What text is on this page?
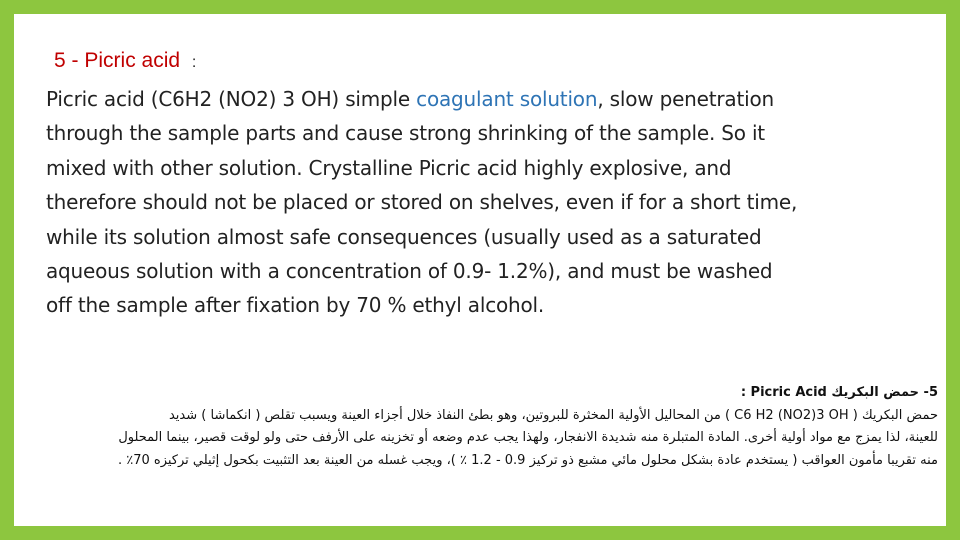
5 - Picric acid :
Picric acid (C6H2 (NO2) 3 OH) simple coagulant solution, slow penetration
through the sample parts and cause strong shrinking of the sample. So it
mixed with other solution. Crystalline Picric acid highly explosive, and
therefore should not be placed or stored on shelves, even if for a short time,
while its solution almost safe consequences (usually used as a saturated
aqueous solution with a concentration of 0.9- 1.2%), and must be washed
off the sample after fixation by 70 % ethyl alcohol.
5- حمض البكريك Picric Acid :
حمض البكريك ( C6 H2 (NO2)3 OH ) من المحاليل الأولية المخثرة للبروتين، وهو بطئ النفاذ خلال أجزاء العينة ويسبب تقلص ( انكماشا ) شديد
للعينة، لذا يمزج مع مواد أولية أخرى. المادة المتبلرة منه شديدة الانفجار، ولهذا يجب عدم وضعه أو تخزينه على الأرفف حتى ولو لوقت قصير، بينما المحلول
منه تقريبا مأمون العواقب ( يستخدم عادة بشكل محلول مائي مشبع ذو تركيز 0.9 - 1.2 ٪ )، ويجب غسله من العينة بعد التثبيت بكحول إثيلي تركيزه 70٪ .
